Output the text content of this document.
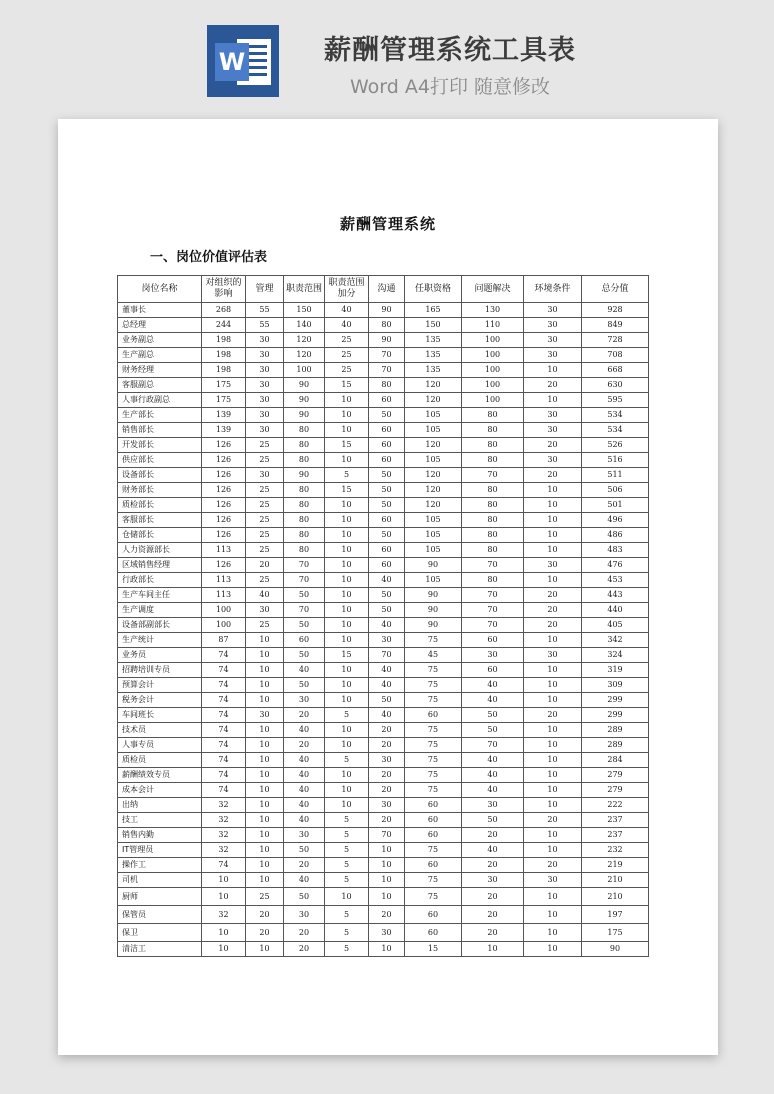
W	薪酬管理系统工具表
Word A4打印 随意修改
薪酬管理系统
一、岗位价值评估表
岗位名称	对组织的影响	管理	职责范围	职责范围加分	沟通	任职资格	问题解决	环境条件	总分值
董事长	268	55	150	40	90	165	130	30	928
总经理	244	55	140	40	80	150	110	30	849
业务副总	198	30	120	25	90	135	100	30	728
生产副总	198	30	120	25	70	135	100	30	708
财务经理	198	30	100	25	70	135	100	10	668
客服副总	175	30	90	15	80	120	100	20	630
人事行政副总	175	30	90	10	60	120	100	10	595
生产部长	139	30	90	10	50	105	80	30	534
销售部长	139	30	80	10	60	105	80	30	534
开发部长	126	25	80	15	60	120	80	20	526
供应部长	126	25	80	10	60	105	80	30	516
设备部长	126	30	90	5	50	120	70	20	511
财务部长	126	25	80	15	50	120	80	10	506
质检部长	126	25	80	10	50	120	80	10	501
客服部长	126	25	80	10	60	105	80	10	496
仓储部长	126	25	80	10	50	105	80	10	486
人力资源部长	113	25	80	10	60	105	80	10	483
区域销售经理	126	20	70	10	60	90	70	30	476
行政部长	113	25	70	10	40	105	80	10	453
生产车间主任	113	40	50	10	50	90	70	20	443
生产调度	100	30	70	10	50	90	70	20	440
设备部副部长	100	25	50	10	40	90	70	20	405
生产统计	87	10	60	10	30	75	60	10	342
业务员	74	10	50	15	70	45	30	30	324
招聘培训专员	74	10	40	10	40	75	60	10	319
预算会计	74	10	50	10	40	75	40	10	309
税务会计	74	10	30	10	50	75	40	10	299
车间班长	74	30	20	5	40	60	50	20	299
技术员	74	10	40	10	20	75	50	10	289
人事专员	74	10	20	10	20	75	70	10	289
质检员	74	10	40	5	30	75	40	10	284
薪酬绩效专员	74	10	40	10	20	75	40	10	279
成本会计	74	10	40	10	20	75	40	10	279
出纳	32	10	40	10	30	60	30	10	222
技工	32	10	40	5	20	60	50	20	237
销售内勤	32	10	30	5	70	60	20	10	237
IT管理员	32	10	50	5	10	75	40	10	232
操作工	74	10	20	5	10	60	20	20	219
司机	10	10	40	5	10	75	30	30	210
厨师	10	25	50	10	10	75	20	10	210
保管员	32	20	30	5	20	60	20	10	197
保卫	10	20	20	5	30	60	20	10	175
清洁工	10	10	20	5	10	15	10	10	90
